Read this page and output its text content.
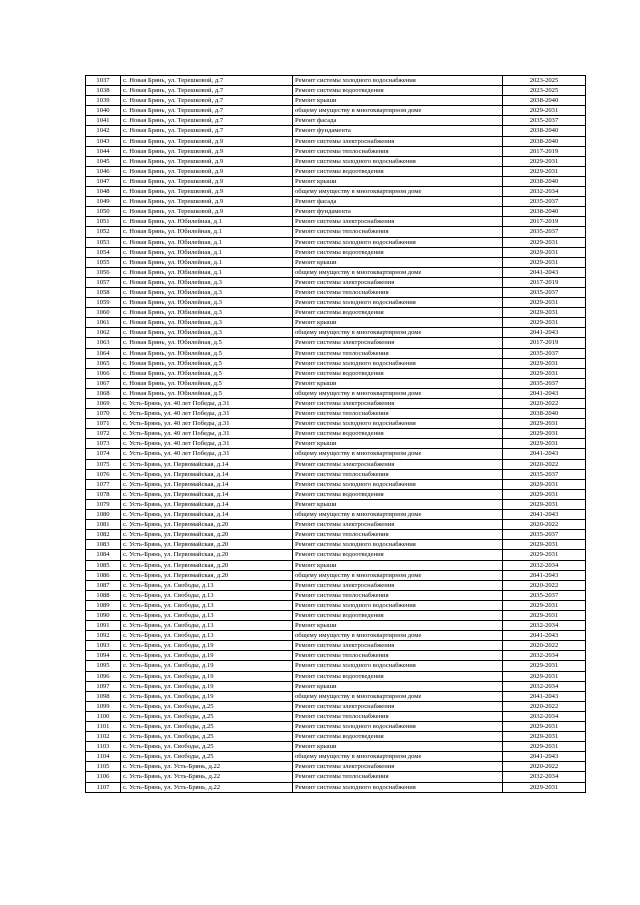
1037	с. Новая Брянь, ул. Терешковой, д.7	Ремонт системы холодного водоснабжения	2023-2025
1038	с. Новая Брянь, ул. Терешковой, д.7	Ремонт системы водоотведения	2023-2025
1039	с. Новая Брянь, ул. Терешковой, д.7	Ремонт крыши	2038-2040
1040	с. Новая Брянь, ул. Терешковой, д.7	общему имуществу в многоквартирном доме	2029-2031
1041	с. Новая Брянь, ул. Терешковой, д.7	Ремонт фасада	2035-2037
1042	с. Новая Брянь, ул. Терешковой, д.7	Ремонт фундамента	2038-2040
1043	с. Новая Брянь, ул. Терешковой, д.9	Ремонт системы электроснабжения	2038-2040
1044	с. Новая Брянь, ул. Терешковой, д.9	Ремонт системы теплоснабжения	2017-2019
1045	с. Новая Брянь, ул. Терешковой, д.9	Ремонт системы холодного водоснабжения	2029-2031
1046	с. Новая Брянь, ул. Терешковой, д.9	Ремонт системы водоотведения	2029-2031
1047	с. Новая Брянь, ул. Терешковой, д.9	Ремонт крыши	2038-2040
1048	с. Новая Брянь, ул. Терешковой, д.9	общему имуществу в многоквартирном доме	2032-2034
1049	с. Новая Брянь, ул. Терешковой, д.9	Ремонт фасада	2035-2037
1050	с. Новая Брянь, ул. Терешковой, д.9	Ремонт фундамента	2038-2040
1051	с. Новая Брянь, ул. Юбилейная, д.1	Ремонт системы электроснабжения	2017-2019
1052	с. Новая Брянь, ул. Юбилейная, д.1	Ремонт системы теплоснабжения	2035-2037
1053	с. Новая Брянь, ул. Юбилейная, д.1	Ремонт системы холодного водоснабжения	2029-2031
1054	с. Новая Брянь, ул. Юбилейная, д.1	Ремонт системы водоотведения	2029-2031
1055	с. Новая Брянь, ул. Юбилейная, д.1	Ремонт крыши	2029-2031
1056	с. Новая Брянь, ул. Юбилейная, д.1	общему имуществу в многоквартирном доме	2041-2043
1057	с. Новая Брянь, ул. Юбилейная, д.3	Ремонт системы электроснабжения	2017-2019
1058	с. Новая Брянь, ул. Юбилейная, д.3	Ремонт системы теплоснабжения	2035-2037
1059	с. Новая Брянь, ул. Юбилейная, д.3	Ремонт системы холодного водоснабжения	2029-2031
1060	с. Новая Брянь, ул. Юбилейная, д.3	Ремонт системы водоотведения	2029-2031
1061	с. Новая Брянь, ул. Юбилейная, д.3	Ремонт крыши	2029-2031
1062	с. Новая Брянь, ул. Юбилейная, д.3	общему имуществу в многоквартирном доме	2041-2043
1063	с. Новая Брянь, ул. Юбилейная, д.5	Ремонт системы электроснабжения	2017-2019
1064	с. Новая Брянь, ул. Юбилейная, д.5	Ремонт системы теплоснабжения	2035-2037
1065	с. Новая Брянь, ул. Юбилейная, д.5	Ремонт системы холодного водоснабжения	2029-2031
1066	с. Новая Брянь, ул. Юбилейная, д.5	Ремонт системы водоотведения	2029-2031
1067	с. Новая Брянь, ул. Юбилейная, д.5	Ремонт крыши	2035-2037
1068	с. Новая Брянь, ул. Юбилейная, д.5	общему имуществу в многоквартирном доме	2041-2043
1069	с. Усть-Брянь, ул. 40 лет Победы, д.31	Ремонт системы электроснабжения	2020-2022
1070	с. Усть-Брянь, ул. 40 лет Победы, д.31	Ремонт системы теплоснабжения	2038-2040
1071	с. Усть-Брянь, ул. 40 лет Победы, д.31	Ремонт системы холодного водоснабжения	2029-2031
1072	с. Усть-Брянь, ул. 40 лет Победы, д.31	Ремонт системы водоотведения	2029-2031
1073	с. Усть-Брянь, ул. 40 лет Победы, д.31	Ремонт крыши	2029-2031
1074	с. Усть-Брянь, ул. 40 лет Победы, д.31	общему имуществу в многоквартирном доме	2041-2043
1075	с. Усть-Брянь, ул. Первомайская, д.14	Ремонт системы электроснабжения	2020-2022
1076	с. Усть-Брянь, ул. Первомайская, д.14	Ремонт системы теплоснабжения	2035-2037
1077	с. Усть-Брянь, ул. Первомайская, д.14	Ремонт системы холодного водоснабжения	2029-2031
1078	с. Усть-Брянь, ул. Первомайская, д.14	Ремонт системы водоотведения	2029-2031
1079	с. Усть-Брянь, ул. Первомайская, д.14	Ремонт крыши	2029-2031
1080	с. Усть-Брянь, ул. Первомайская, д.14	общему имуществу в многоквартирном доме	2041-2043
1081	с. Усть-Брянь, ул. Первомайская, д.20	Ремонт системы электроснабжения	2020-2022
1082	с. Усть-Брянь, ул. Первомайская, д.20	Ремонт системы теплоснабжения	2035-2037
1083	с. Усть-Брянь, ул. Первомайская, д.20	Ремонт системы холодного водоснабжения	2029-2031
1084	с. Усть-Брянь, ул. Первомайская, д.20	Ремонт системы водоотведения	2029-2031
1085	с. Усть-Брянь, ул. Первомайская, д.20	Ремонт крыши	2032-2034
1086	с. Усть-Брянь, ул. Первомайская, д.20	общему имуществу в многоквартирном доме	2041-2043
1087	с. Усть-Брянь, ул. Свободы, д.13	Ремонт системы электроснабжения	2020-2022
1088	с. Усть-Брянь, ул. Свободы, д.13	Ремонт системы теплоснабжения	2035-2037
1089	с. Усть-Брянь, ул. Свободы, д.13	Ремонт системы холодного водоснабжения	2029-2031
1090	с. Усть-Брянь, ул. Свободы, д.13	Ремонт системы водоотведения	2029-2031
1091	с. Усть-Брянь, ул. Свободы, д.13	Ремонт крыши	2032-2034
1092	с. Усть-Брянь, ул. Свободы, д.13	общему имуществу в многоквартирном доме	2041-2043
1093	с. Усть-Брянь, ул. Свободы, д.19	Ремонт системы электроснабжения	2020-2022
1094	с. Усть-Брянь, ул. Свободы, д.19	Ремонт системы теплоснабжения	2032-2034
1095	с. Усть-Брянь, ул. Свободы, д.19	Ремонт системы холодного водоснабжения	2029-2031
1096	с. Усть-Брянь, ул. Свободы, д.19	Ремонт системы водоотведения	2029-2031
1097	с. Усть-Брянь, ул. Свободы, д.19	Ремонт крыши	2032-2034
1098	с. Усть-Брянь, ул. Свободы, д.19	общему имуществу в многоквартирном доме	2041-2043
1099	с. Усть-Брянь, ул. Свободы, д.25	Ремонт системы электроснабжения	2020-2022
1100	с. Усть-Брянь, ул. Свободы, д.25	Ремонт системы теплоснабжения	2032-2034
1101	с. Усть-Брянь, ул. Свободы, д.25	Ремонт системы холодного водоснабжения	2029-2031
1102	с. Усть-Брянь, ул. Свободы, д.25	Ремонт системы водоотведения	2029-2031
1103	с. Усть-Брянь, ул. Свободы, д.25	Ремонт крыши	2029-2031
1104	с. Усть-Брянь, ул. Свободы, д.25	общему имуществу в многоквартирном доме	2041-2043
1105	с. Усть-Брянь, ул. Усть-Брянь, д.22	Ремонт системы электроснабжения	2020-2022
1106	с. Усть-Брянь, ул. Усть-Брянь, д.22	Ремонт системы теплоснабжения	2032-2034
1107	с. Усть-Брянь, ул. Усть-Брянь, д.22	Ремонт системы холодного водоснабжения	2029-2031
